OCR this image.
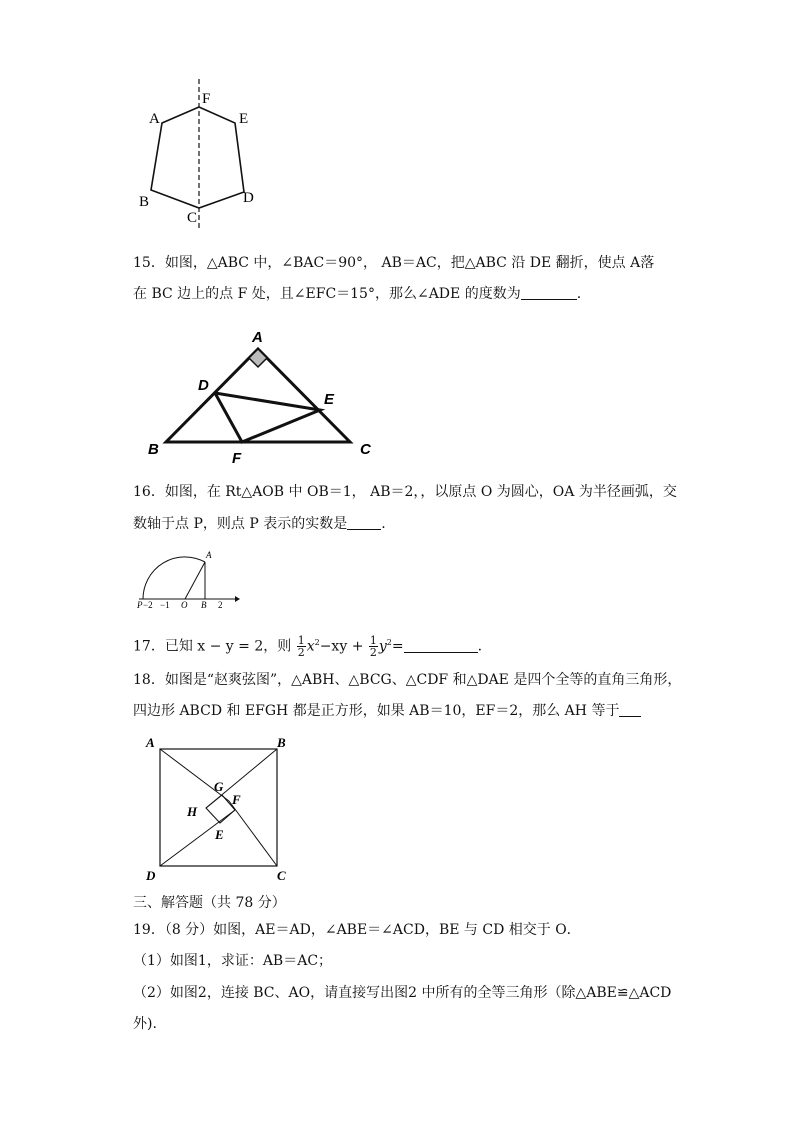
A
F
E
B
C
D
15．如图，△ABC 中，∠BAC＝90°， AB＝AC，把△ABC 沿 DE 翻折，使点 A落
在 BC 边上的点 F 处，且∠EFC＝15°，那么∠ADE 的度数为	.
A
D
E
B
F
C
16．如图，在 Rt△AOB 中 OB＝1， AB＝2，，以原点 O 为圆心，OA 为半径画弧，交
数轴于点 P，则点 P 表示的实数是 .
A
P −2 −1 O B 2
17．已知 x − y = 2，则 $\frac{1}{2} x^2-xy + \frac{1}{2} y^2=$	.
18．如图是“赵爽弦图”，△ABH、△BCG、△CDF 和△DAE 是四个全等的直角三角形，
四边形 ABCD 和 EFGH 都是正方形，如果 AB＝10，EF＝2，那么 AH 等于
A	B
D	C
G
F
H
E
三、解答题（共 78 分）
19．（8 分）如图，AE＝AD，∠ABE＝∠ACD，BE 与 CD 相交于 O．
（1）如图1，求证：AB＝AC；
（2）如图2，连接 BC、AO，请直接写出图2 中所有的全等三角形（除△ABE≌△ACD
外).
